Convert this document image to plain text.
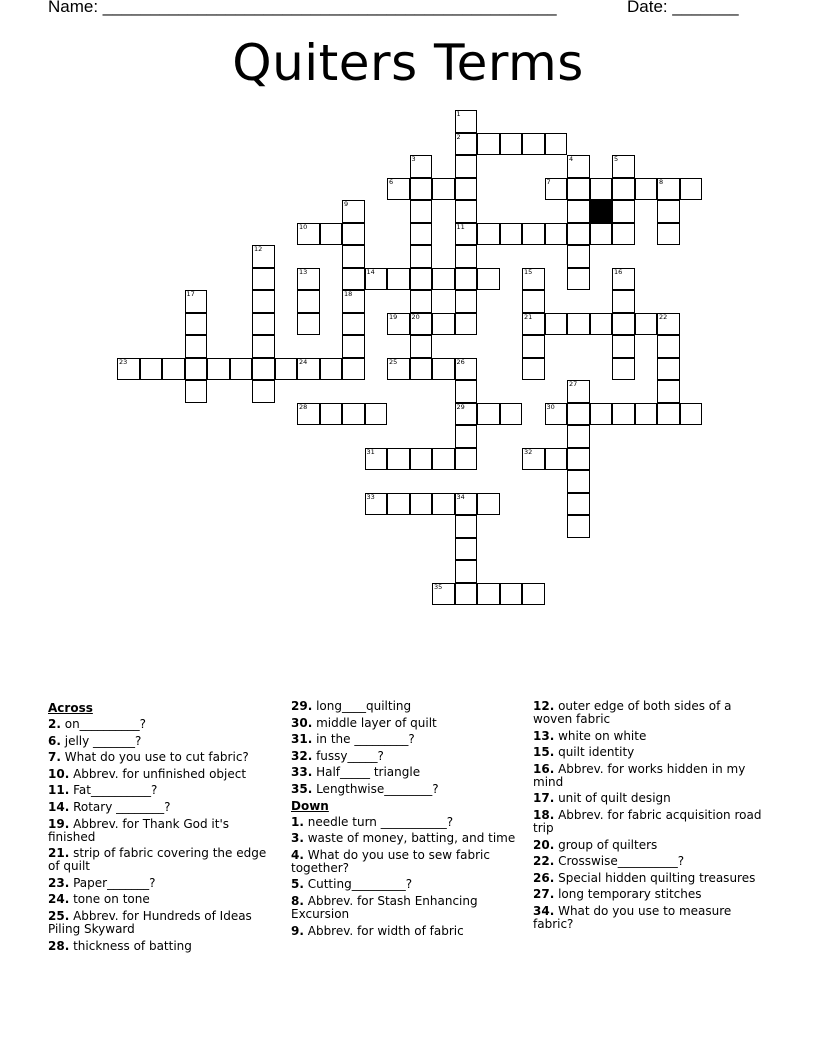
Name: ________________________________________________	Date: _______
Quiters Terms
2
6	7	8
10	11
14
19 20	21	22
23	24	25	26
28	29	30
31	32
33	34
35
1
3	4	5
9
18
12
13	15	16
17
27
Across
2. on__________?
6. jelly _______?
7. What do you use to cut fabric?
10. Abbrev. for unfinished object
11. Fat__________?
14. Rotary ________?
19. Abbrev. for Thank God it's finished
21. strip of fabric covering the edge of quilt
23. Paper_______?
24. tone on tone
25. Abbrev. for Hundreds of Ideas Piling Skyward
28. thickness of batting
29. long____quilting
30. middle layer of quilt
31. in the _________?
32. fussy_____?
33. Half_____ triangle
35. Lengthwise________?
Down
1. needle turn ___________?
3. waste of money, batting, and time
4. What do you use to sew fabric together?
5. Cutting_________?
8. Abbrev. for Stash Enhancing Excursion
9. Abbrev. for width of fabric
12. outer edge of both sides of a woven fabric
13. white on white
15. quilt identity
16. Abbrev. for works hidden in my mind
17. unit of quilt design
18. Abbrev. for fabric acquisition road trip
20. group of quilters
22. Crosswise__________?
26. Special hidden quilting treasures
27. long temporary stitches
34. What do you use to measure fabric?
